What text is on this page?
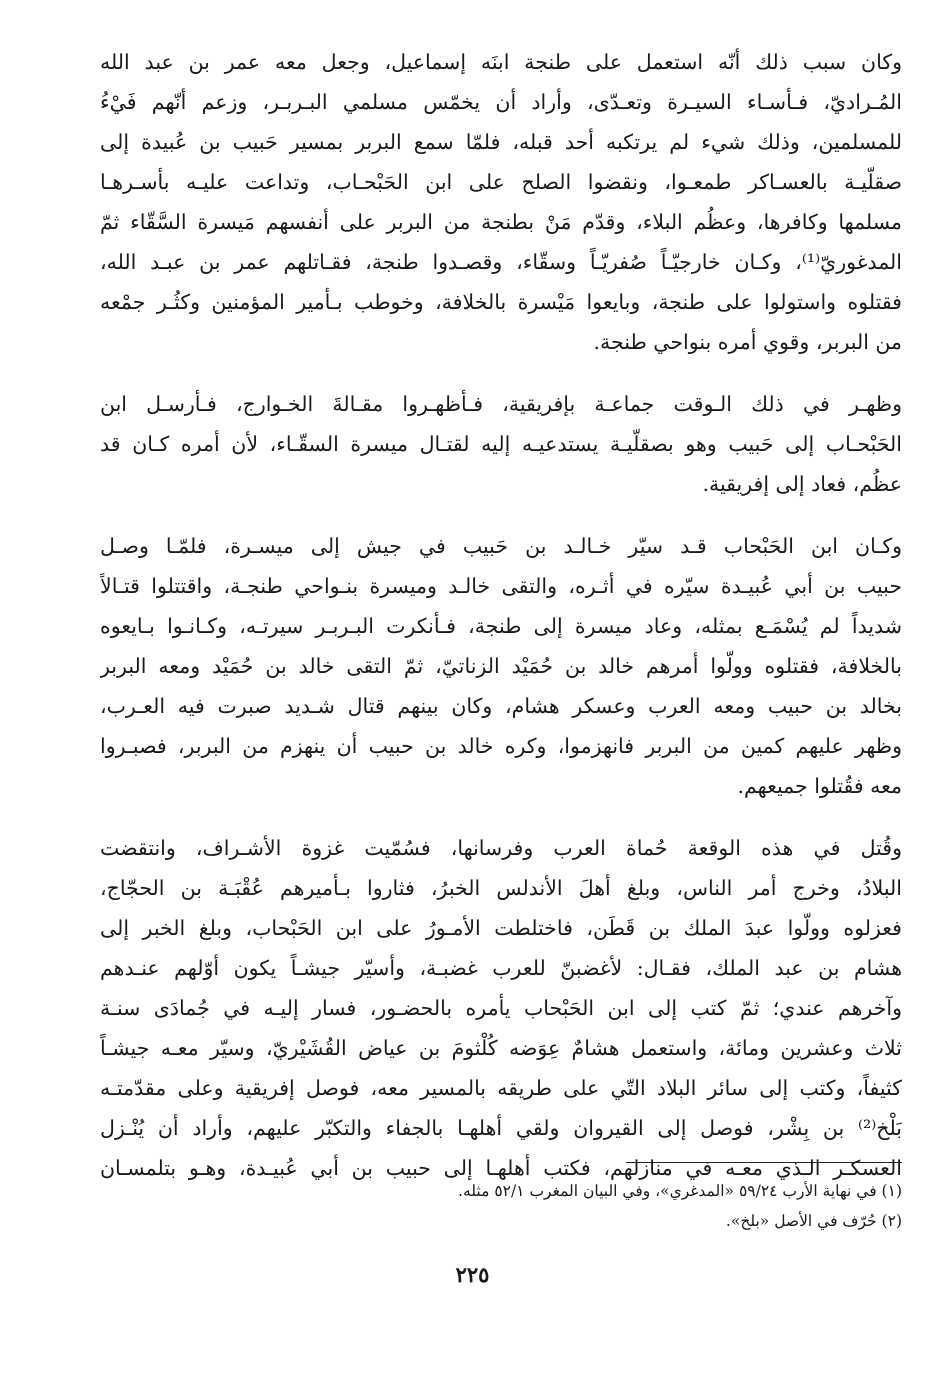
وكان سبب ذلك أنّه استعمل على طنجة ابنَه إسماعيل، وجعل معه عمر بن عبد الله
المُـراديّ، فـأسـاء السيـرة وتعـدّى، وأراد أن يخمّس مسلمي البـربـر، وزعم أنّهم فَيْءُ
للمسلمين، وذلك شيء لم يرتكبه أحد قبله، فلمّا سمع البربر بمسير حَبيب بن عُبيدة إلى
صقلّيـة بالعسـاكر طمعـوا، ونقضوا الصلح على ابن الحَبْحـاب، وتداعت عليـه بأسـرهـا
مسلمها وكافرها، وعظُم البلاء، وقدّم مَنْ بطنجة من البربر على أنفسهم مَيسرة السَّقّاء ثمّ
المدغوريّ⁽¹⁾، وكـان خارجيّـاً صُفريّـاً وسقّاء، وقصـدوا طنجة، فقـاتلهم عمر بن عبـد الله،
فقتلوه واستولوا على طنجة، وبايعوا مَيْسرة بالخلافة، وخوطب بـأمير المؤمنين وكثُـر جمْعه
من البربر، وقوي أمره بنواحي طنجة.
وظهـر في ذلك الـوقت جماعـة بإفريقية، فـأظهـروا مقـالةَ الخـوارج، فـأرسـل ابن
الحَبْحـاب إلى حَبيب وهو بصقلّيـة يستدعيـه إليه لقتـال ميسرة السقّـاء، لأن أمره كـان قد
عظُم، فعاد إلى إفريقية.
وكـان ابن الحَبْحاب قـد سيّر خـالـد بن حَبيب في جيش إلى ميسـرة، فلمّـا وصـل
حبيب بن أبي عُبيـدة سيّره في أثـره، والتقى خالـد وميسرة بنـواحي طنجـة، واقتتلوا قتـالاً
شديداً لم يُسْمَـع بمثله، وعاد ميسرة إلى طنجة، فـأنكرت البـربـر سيرتـه، وكـانـوا بـايعوه
بالخلافة، فقتلوه وولّوا أمرهم خالد بن حُمَيْد الزناتيّ، ثمّ التقى خالد بن حُمَيْد ومعه البربر
بخالد بن حبيب ومعه العرب وعسكر هشام، وكان بينهم قتال شـديد صبرت فيه العـرب،
وظهر عليهم كمين من البربر فانهزموا، وكره خالد بن حبيب أن ينهزم من البربر، فصبـروا
معه فقُتلوا جميعهم.
وقُتل في هذه الوقعة حُماة العرب وفرسانها، فسُمّيت غزوة الأشـراف، وانتقضت
البلادُ، وخرج أمر الناس، وبلغ أهلَ الأندلس الخبرُ، فثاروا بـأميرهم عُقْبَـة بن الحجّاج،
فعزلوه وولّوا عبدَ الملك بن قَطَن، فاختلطت الأمـورُ على ابن الحَبْحاب، وبلغ الخبر إلى
هشام بن عبد الملك، فقـال: لأغضبنّ للعرب غضبـة، وأسيّر جيشـاً يكون أوّلهم عنـدهم
وآخرهم عندي؛ ثمّ كتب إلى ابن الحَبْحاب يأمره بالحضـور، فسار إليـه في جُمادَى سنـة
ثلاث وعشرين ومائة، واستعمل هشامٌ عِوَضه كُلْثومَ بن عياض القُشَيْريّ، وسيّر معـه جيشـاً
كثيفاً، وكتب إلى سائر البلاد التّي على طريقه بالمسير معه، فوصل إفريقية وعلى مقدّمتـه
بَلْخ⁽²⁾ بن بِشْر، فوصل إلى القيروان ولقي أهلهـا بالجفاء والتكبّر عليهم، وأراد أن يُنْـزل
العسكـر الـذي معـه في منازلهم، فكتب أهلهـا إلى حبيب بن أبي عُبيـدة، وهـو بتلمسـان
(١) في نهاية الأرب ٥٩/٢٤ «المدغري»، وفي البيان المغرب ٥٢/١ مثله.
(٢) حُرّف في الأصل «بلخ».
٢٢٥
